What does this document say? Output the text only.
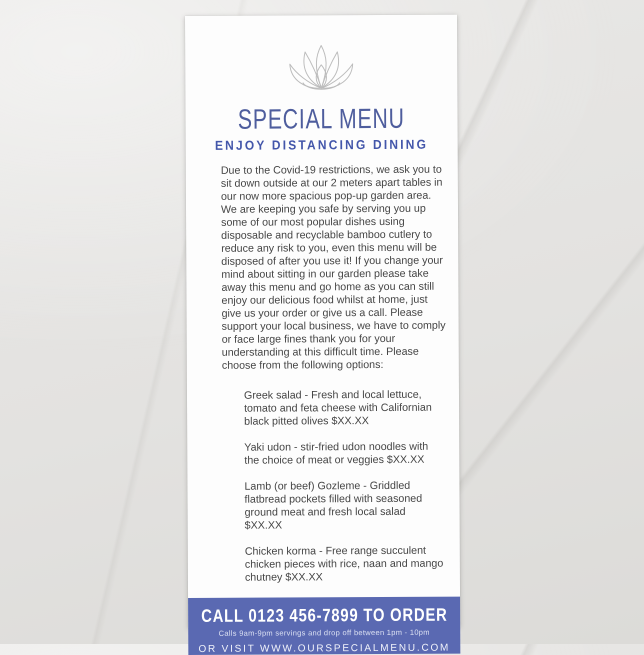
SPECIAL MENU
ENJOY DISTANCING DINING

Due to the Covid-19 restrictions, we ask you to sit down outside at our 2 meters apart tables in our now more spacious pop-up garden area. We are keeping you safe by serving you up some of our most popular dishes using disposable and recyclable bamboo cutlery to reduce any risk to you, even this menu will be disposed of after you use it! If you change your mind about sitting in our garden please take away this menu and go home as you can still enjoy our delicious food whilst at home, just give us your order or give us a call. Please support your local business, we have to comply or face large fines thank you for your understanding at this difficult time. Please choose from the following options:

Greek salad - Fresh and local lettuce, tomato and feta cheese with Californian black pitted olives $XX.XX

Yaki udon - stir-fried udon noodles with the choice of meat or veggies $XX.XX

Lamb (or beef) Gozleme - Griddled flatbread pockets filled with seasoned ground meat and fresh local salad $XX.XX

Chicken korma - Free range succulent chicken pieces with rice, naan and mango chutney $XX.XX

CALL 0123 456-7899 TO ORDER
Calls 9am-9pm servings and drop off between 1pm - 10pm
OR VISIT WWW.OURSPECIALMENU.COM
